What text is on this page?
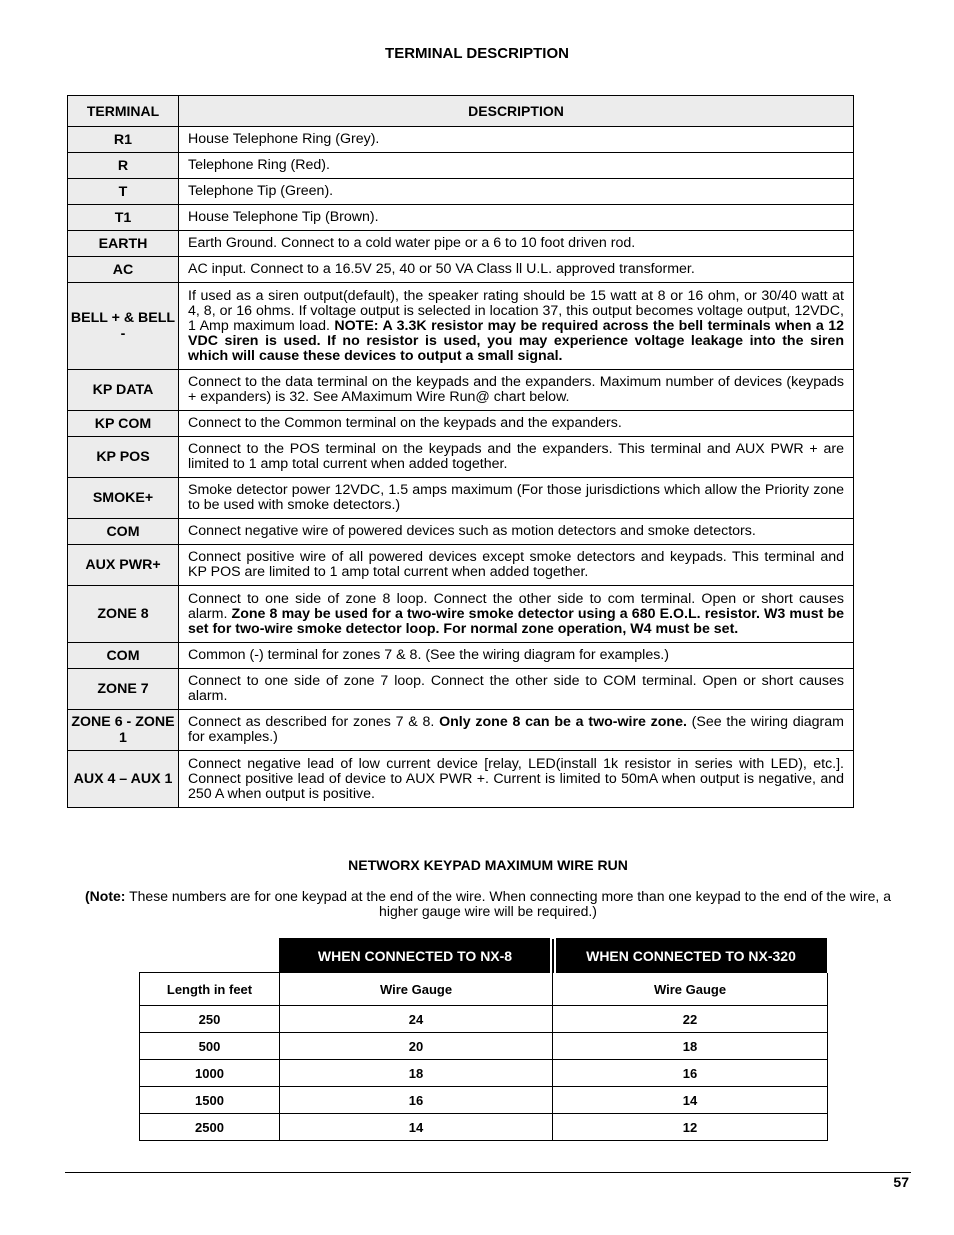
TERMINAL DESCRIPTION
TERMINAL	DESCRIPTION
R1	House Telephone Ring (Grey).
R	Telephone Ring (Red).
T	Telephone Tip (Green).
T1	House Telephone Tip (Brown).
EARTH	Earth Ground. Connect to a cold water pipe or a 6 to 10 foot driven rod.
AC	AC input. Connect to a 16.5V 25, 40 or 50 VA Class ll U.L. approved transformer.
BELL + & BELL -	If used as a siren output(default), the speaker rating should be 15 watt at 8 or 16 ohm, or 30/40 watt at 4, 8, or 16 ohms. If voltage output is selected in location 37, this output becomes voltage output, 12VDC, 1 Amp maximum load. NOTE: A 3.3K resistor may be required across the bell terminals when a 12 VDC siren is used. If no resistor is used, you may experience voltage leakage into the siren which will cause these devices to output a small signal.
KP DATA	Connect to the data terminal on the keypads and the expanders. Maximum number of devices (keypads + expanders) is 32. See AMaximum Wire Run@ chart below.
KP COM	Connect to the Common terminal on the keypads and the expanders.
KP POS	Connect to the POS terminal on the keypads and the expanders. This terminal and AUX PWR + are limited to 1 amp total current when added together.
SMOKE+	Smoke detector power 12VDC, 1.5 amps maximum (For those jurisdictions which allow the Priority zone to be used with smoke detectors.)
COM	Connect negative wire of powered devices such as motion detectors and smoke detectors.
AUX PWR+	Connect positive wire of all powered devices except smoke detectors and keypads. This terminal and KP POS are limited to 1 amp total current when added together.
ZONE 8	Connect to one side of zone 8 loop. Connect the other side to com terminal. Open or short causes alarm. Zone 8 may be used for a two-wire smoke detector using a 680 E.O.L. resistor. W3 must be set for two-wire smoke detector loop. For normal zone operation, W4 must be set.
COM	Common (-) terminal for zones 7 & 8. (See the wiring diagram for examples.)
ZONE 7	Connect to one side of zone 7 loop. Connect the other side to COM terminal. Open or short causes alarm.
ZONE 6 - ZONE 1	Connect as described for zones 7 & 8. Only zone 8 can be a two-wire zone. (See the wiring diagram for examples.)
AUX 4 – AUX 1	Connect negative lead of low current device [relay, LED(install 1k resistor in series with LED), etc.]. Connect positive lead of device to AUX PWR +. Current is limited to 50mA when output is negative, and 250 A when output is positive.
NETWORX KEYPAD MAXIMUM WIRE RUN
(Note: These numbers are for one keypad at the end of the wire. When connecting more than one keypad to the end of the wire, a higher gauge wire will be required.)
	WHEN CONNECTED TO NX-8	WHEN CONNECTED TO NX-320
Length in feet	Wire Gauge	Wire Gauge
250	24	22
500	20	18
1000	18	16
1500	16	14
2500	14	12
57
